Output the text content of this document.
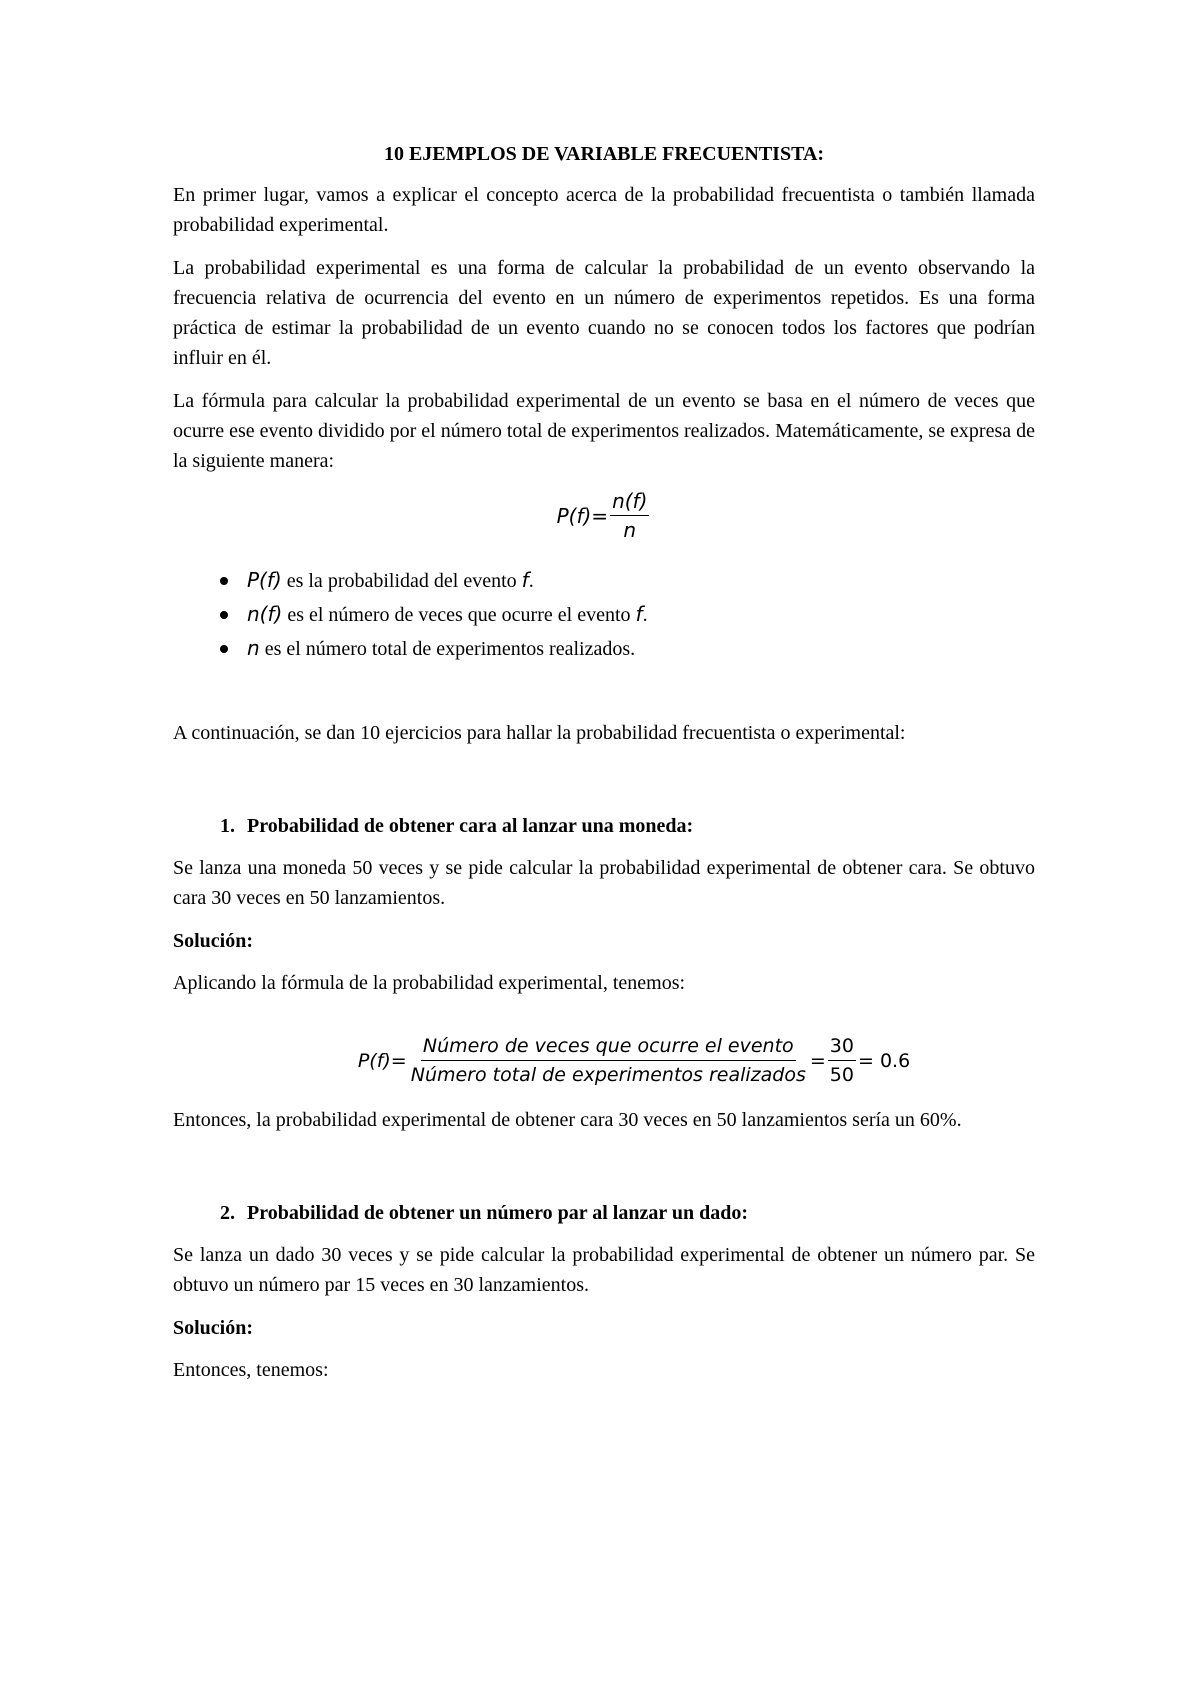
10 EJEMPLOS DE VARIABLE FRECUENTISTA:

En primer lugar, vamos a explicar el concepto acerca de la probabilidad frecuentista o también llamada probabilidad experimental.

La probabilidad experimental es una forma de calcular la probabilidad de un evento observando la frecuencia relativa de ocurrencia del evento en un número de experimentos repetidos. Es una forma práctica de estimar la probabilidad de un evento cuando no se conocen todos los factores que podrían influir en él.

La fórmula para calcular la probabilidad experimental de un evento se basa en el número de veces que ocurre ese evento dividido por el número total de experimentos realizados. Matemáticamente, se expresa de la siguiente manera:

$P(f)= \frac{n(f)}{n}$
P(f) es la probabilidad del evento f.
n(f) es el número de veces que ocurre el evento f.
n es el número total de experimentos realizados.

A continuación, se dan 10 ejercicios para hallar la probabilidad frecuentista o experimental:

1. Probabilidad de obtener cara al lanzar una moneda:

Se lanza una moneda 50 veces y se pide calcular la probabilidad experimental de obtener cara. Se obtuvo cara 30 veces en 50 lanzamientos.

Solución:

Aplicando la fórmula de la probabilidad experimental, tenemos:

$P(f)= \frac{\text{Número de veces que ocurre el evento}}{\text{Número total de experimentos realizados}} = \frac{30}{50} = 0.6$

Entonces, la probabilidad experimental de obtener cara 30 veces en 50 lanzamientos sería un 60%.

2. Probabilidad de obtener un número par al lanzar un dado:

Se lanza un dado 30 veces y se pide calcular la probabilidad experimental de obtener un número par. Se obtuvo un número par 15 veces en 30 lanzamientos.

Solución:

Entonces, tenemos:
